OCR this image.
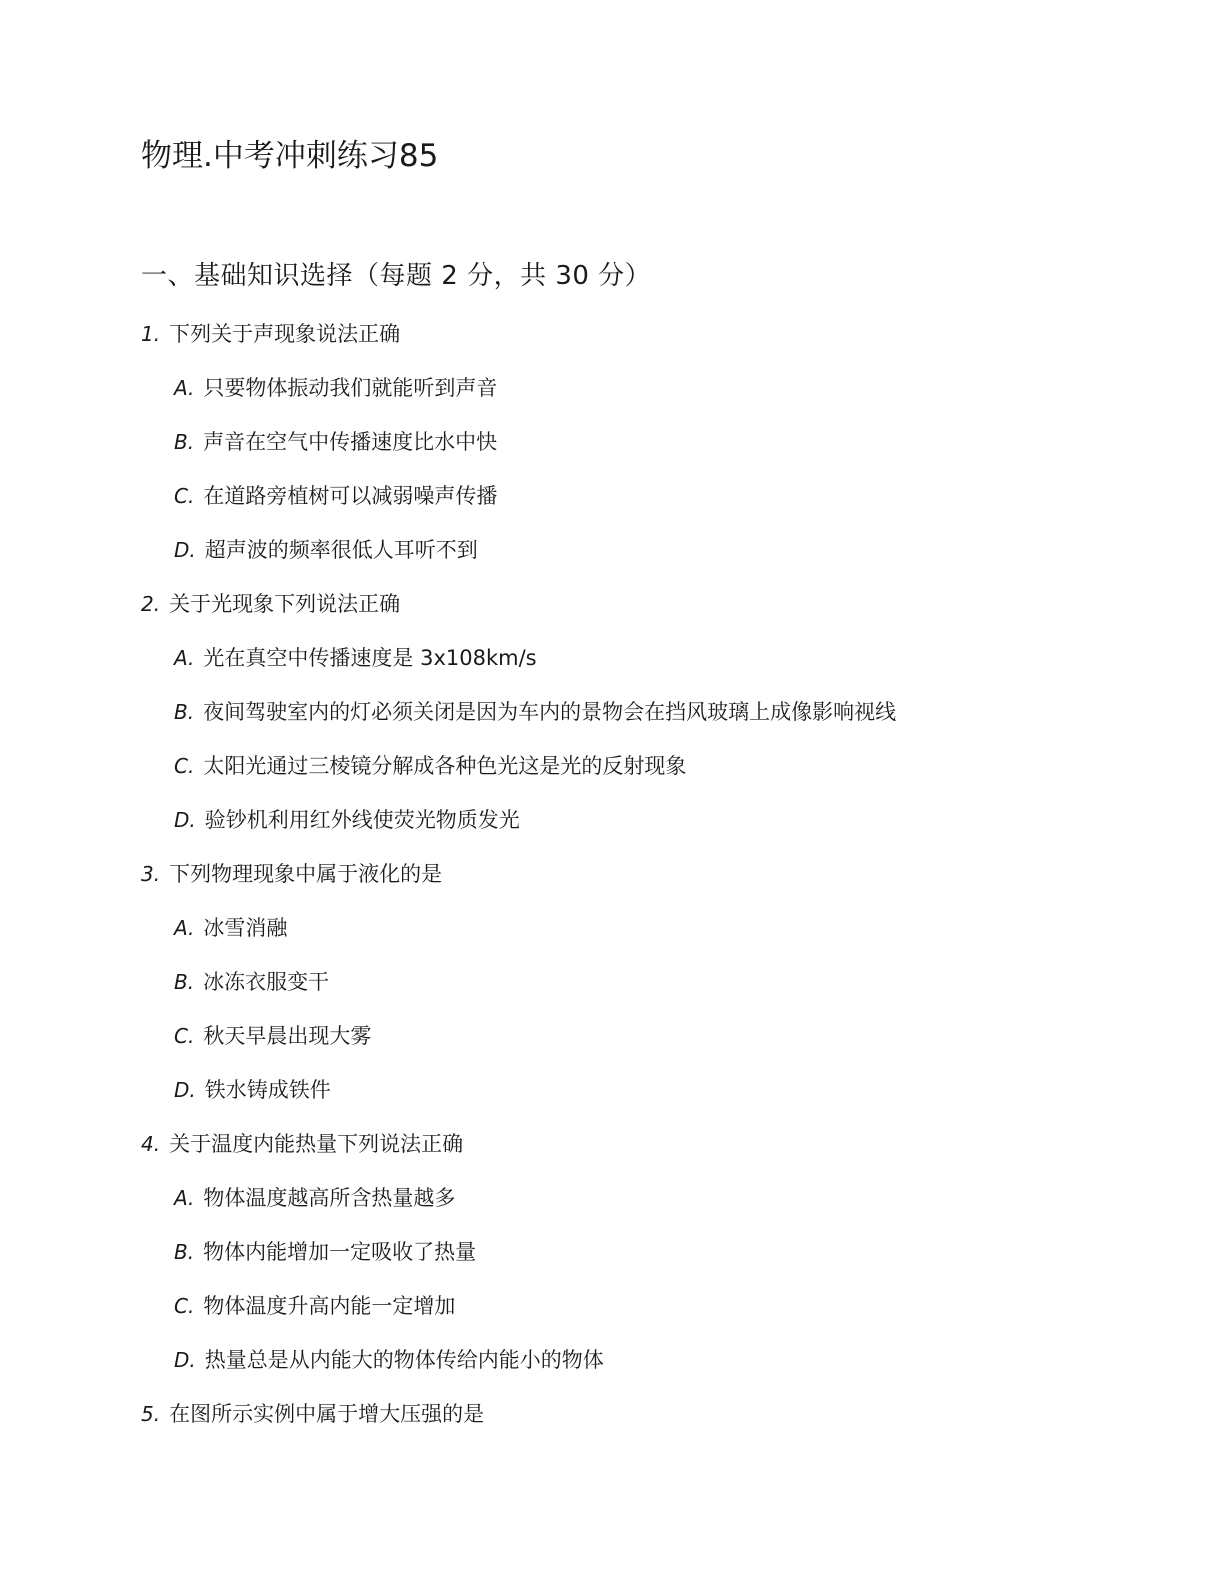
物理.中考冲刺练习85
一、基础知识选择（每题 2 分，共 30 分）
1. 下列关于声现象说法正确
A. 只要物体振动我们就能听到声音
B. 声音在空气中传播速度比水中快
C. 在道路旁植树可以减弱噪声传播
D. 超声波的频率很低人耳听不到
2. 关于光现象下列说法正确
A. 光在真空中传播速度是 3x108km/s
B. 夜间驾驶室内的灯必须关闭是因为车内的景物会在挡风玻璃上成像影响视线
C. 太阳光通过三棱镜分解成各种色光这是光的反射现象
D. 验钞机利用红外线使荧光物质发光
3. 下列物理现象中属于液化的是
A. 冰雪消融
B. 冰冻衣服变干
C. 秋天早晨出现大雾
D. 铁水铸成铁件
4. 关于温度内能热量下列说法正确
A. 物体温度越高所含热量越多
B. 物体内能增加一定吸收了热量
C. 物体温度升高内能一定增加
D. 热量总是从内能大的物体传给内能小的物体
5. 在图所示实例中属于增大压强的是
